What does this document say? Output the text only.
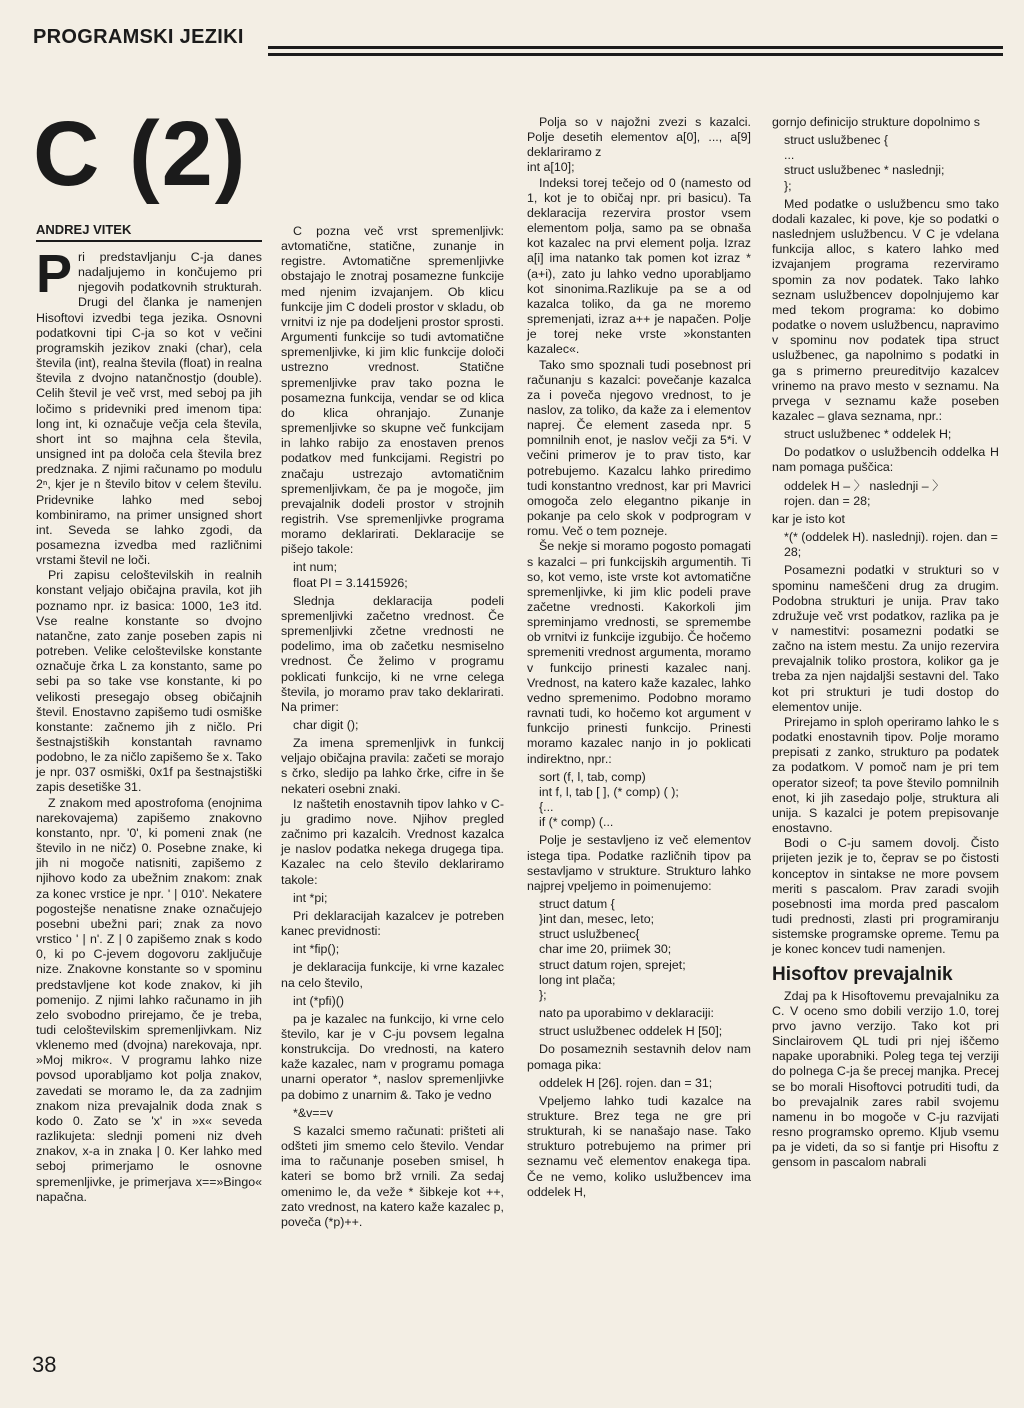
PROGRAMSKI JEZIKI
C (2)
ANDREJ VITEK

Pri predstavljanju C-ja danes nadaljujemo in končujemo pri njegovih podatkovnih strukturah. Drugi del članka je namenjen Hisoftovi izvedbi tega jezika. Osnovni podatkovni tipi C-ja so kot v večini programskih jezikov znaki (char), cela števila (int), realna števila (float) in realna števila z dvojno natančnostjo (double). Celih števil je več vrst, med seboj pa jih ločimo s pridevniki pred imenom tipa: long int, ki označuje večja cela števila, short int so majhna cela števila, unsigned int pa določa cela števila brez predznaka. Z njimi računamo po modulu 2ⁿ, kjer je n število bitov v celem številu. Pridevnike lahko med seboj kombiniramo, na primer unsigned short int. Seveda se lahko zgodi, da posamezna izvedba med različnimi vrstami števil ne loči.

Pri zapisu celoštevilskih in realnih konstant veljajo običajna pravila, kot jih poznamo npr. iz basica: 1000, 1e3 itd. Vse realne konstante so dvojno natančne, zato zanje poseben zapis ni potreben. Velike celoštevilske konstante označuje črka L za konstanto, same po sebi pa so take vse konstante, ki po velikosti presegajo obseg običajnih števil. Enostavno zapišemo tudi osmiške konstante: začnemo jih z ničlo. Pri šestnajstiških konstantah ravnamo podobno, le za ničlo zapišemo še x. Tako je npr. 037 osmiški, 0x1f pa šestnajstiški zapis desetiške 31.

Z znakom med apostrofoma (enojnima narekovajema) zapišemo znakovno konstanto, npr. '0', ki pomeni znak (ne število in ne ničz) 0. Posebne znake, ki jih ni mogoče natisniti, zapišemo z njihovo kodo za ubežnim znakom: znak za konec vrstice je npr. ' | 010'. Nekatere pogostejše nenatisne znake označujejo posebni ubežni pari; znak za novo vrstico ' | n'. Z | 0 zapišemo znak s kodo 0, ki po C-jevem dogovoru zaključuje nize. Znakovne konstante so v spominu predstavljene kot kode znakov, ki jih pomenijo. Z njimi lahko računamo in jih zelo svobodno prirejamo, če je treba, tudi celoštevilskim spremenljivkam. Niz vklenemo med (dvojna) narekovaja, npr. »Moj mikro«. V programu lahko nize povsod uporabljamo kot polja znakov, zavedati se moramo le, da za zadnjim znakom niza prevajalnik doda znak s kodo 0. Zato se 'x' in »x« seveda razlikujeta: slednji pomeni niz dveh znakov, x-a in znaka | 0. Ker lahko med seboj primerjamo le osnovne spremenljivke, je primerjava x==»Bingo« napačna.

C pozna več vrst spremenljivk: avtomatične, statične, zunanje in registre. Avtomatične spremenljivke obstajajo le znotraj posamezne funkcije med njenim izvajanjem. Ob klicu funkcije jim C dodeli prostor v skladu, ob vrnitvi iz nje pa dodeljeni prostor sprosti. Argumenti funkcije so tudi avtomatične spremenljivke, ki jim klic funkcije določi ustrezno vrednost. Statične spremenljivke prav tako pozna le posamezna funkcija, vendar se od klica do klica ohranjajo. Zunanje spremenljivke so skupne več funkcijam in lahko rabijo za enostaven prenos podatkov med funkcijami. Registri po značaju ustrezajo avtomatičnim spremenljivkam, če pa je mogoče, jim prevajalnik dodeli prostor v strojnih registrih. Vse spremenljivke programa moramo deklarirati. Deklaracije se pišejo takole:

int num;
float PI = 3.1415926;

Slednja deklaracija podeli spremenljivki začetno vrednost. Če spremenljivki zčetne vrednosti ne podelimo, ima ob začetku nesmiselno vrednost. Če želimo v programu poklicati funkcijo, ki ne vrne celega števila, jo moramo prav tako deklarirati. Na primer:

char digit ();

Za imena spremenljivk in funkcij veljajo običajna pravila: začeti se morajo s črko, sledijo pa lahko črke, cifre in še nekateri osebni znaki.

Iz naštetih enostavnih tipov lahko v C-ju gradimo nove. Njihov pregled začnimo pri kazalcih. Vrednost kazalca je naslov podatka nekega drugega tipa. Kazalec na celo število deklariramo takole:

int *pi;

Pri deklaracijah kazalcev je potreben kanec previdnosti:

int *fip();

je deklaracija funkcije, ki vrne kazalec na celo število,

int (*pfi)()

pa je kazalec na funkcijo, ki vrne celo število, kar je v C-ju povsem legalna konstrukcija. Do vrednosti, na katero kaže kazalec, nam v programu pomaga unarni operator *, naslov spremenljivke pa dobimo z unarnim &. Tako je vedno

*&v==v

S kazalci smemo računati: prišteti ali odšteti jim smemo celo število. Vendar ima to računanje poseben smisel, h kateri se bomo brž vrnili. Za sedaj omenimo le, da veže * šibkeje kot ++, zato vrednost, na katero kaže kazalec p, poveča (*p)++.

Polja so v najožni zvezi s kazalci. Polje desetih elementov a[0], ..., a[9] deklariramo z

int a[10];

Indeksi torej tečejo od 0 (namesto od 1, kot je to običaj npr. pri basicu). Ta deklaracija rezervira prostor vsem elementom polja, samo pa se obnaša kot kazalec na prvi element polja. Izraz a[i] ima natanko tak pomen kot izraz *(a+i), zato ju lahko vedno uporabljamo kot sinonima.Razlikuje pa se a od kazalca toliko, da ga ne moremo spremenjati, izraz a++ je napačen. Polje je torej neke vrste »konstanten kazalec«.

Tako smo spoznali tudi posebnost pri računanju s kazalci: povečanje kazalca za i poveča njegovo vrednost, to je naslov, za toliko, da kaže za i elementov naprej. Če element zaseda npr. 5 pomnilnih enot, je naslov večji za 5*i. V večini primerov je to prav tisto, kar potrebujemo. Kazalcu lahko priredimo tudi konstantno vrednost, kar pri Mavrici omogoča zelo elegantno pikanje in pokanje pa celo skok v podprogram v romu. Več o tem pozneje.

Še nekje si moramo pogosto pomagati s kazalci – pri funkcijskih argumentih. Ti so, kot vemo, iste vrste kot avtomatične spremenljivke, ki jim klic podeli prave začetne vrednosti. Kakorkoli jim spreminjamo vrednosti, se spremembe ob vrnitvi iz funkcije izgubijo. Če hočemo spremeniti vrednost argumenta, moramo v funkcijo prinesti kazalec nanj. Vrednost, na katero kaže kazalec, lahko vedno spremenimo. Podobno moramo ravnati tudi, ko hočemo kot argument v funkcijo prinesti funkcijo. Prinesti moramo kazalec nanjo in jo poklicati indirektno, npr.:

sort (f, l, tab, comp)
int f, l, tab [ ], (* comp) ( );
{...
if (* comp) (...

Polje je sestavljeno iz več elementov istega tipa. Podatke različnih tipov pa sestavljamo v strukture. Strukturo lahko najprej vpeljemo in poimenujemo:

struct datum {
}int dan, mesec, leto;
struct uslužbenec{
char ime 20, priimek 30;
struct datum rojen, sprejet;
long int plača;
};

nato pa uporabimo v deklaraciji:

struct uslužbenec oddelek H [50];

Do posameznih sestavnih delov nam pomaga pika:

oddelek H [26]. rojen. dan = 31;

Vpeljemo lahko tudi kazalce na strukture. Brez tega ne gre pri strukturah, ki se nanašajo nase. Tako strukturo potrebujemo na primer pri seznamu več elementov enakega tipa. Če ne vemo, koliko uslužbencev ima oddelek H,

gornjo definicijo strukture dopolnimo s

struct uslužbenec {
...
struct uslužbenec * naslednji;
};

Med podatke o uslužbencu smo tako dodali kazalec, ki pove, kje so podatki o naslednjem uslužbencu. V C je vdelana funkcija alloc, s katero lahko med izvajanjem programa rezerviramo spomin za nov podatek. Tako lahko seznam uslužbencev dopolnjujemo kar med tekom programa: ko dobimo podatke o novem uslužbencu, napravimo v spominu nov podatek tipa struct uslužbenec, ga napolnimo s podatki in ga s primerno preureditvijo kazalcev vrinemo na pravo mesto v seznamu. Na prvega v seznamu kaže poseben kazalec – glava seznama, npr.:

struct uslužbenec * oddelek H;

Do podatkov o uslužbencih oddelka H nam pomaga puščica:

oddelek H – 〉 naslednji – 〉
rojen. dan = 28;

kar je isto kot

*(* (oddelek H). naslednji). rojen. dan = 28;

Posamezni podatki v strukturi so v spominu nameščeni drug za drugim. Podobna strukturi je unija. Prav tako združuje več vrst podatkov, razlika pa je v namestitvi: posamezni podatki se začno na istem mestu. Za unijo rezervira prevajalnik toliko prostora, kolikor ga je treba za njen najdaljši sestavni del. Tako kot pri strukturi je tudi dostop do elementov unije.

Prirejamo in sploh operiramo lahko le s podatki enostavnih tipov. Polje moramo prepisati z zanko, strukturo pa podatek za podatkom. V pomoč nam je pri tem operator sizeof; ta pove število pomnilnih enot, ki jih zasedajo polje, struktura ali unija. S kazalci je potem prepisovanje enostavno.

Bodi o C-ju samem dovolj. Čisto prijeten jezik je to, čeprav se po čistosti konceptov in sintakse ne more povsem meriti s pascalom. Prav zaradi svojih posebnosti ima morda pred pascalom tudi prednosti, zlasti pri programiranju sistemske programske opreme. Temu pa je konec koncev tudi namenjen.

Hisoftov prevajalnik

Zdaj pa k Hisoftovemu prevajalniku za C. V oceno smo dobili verzijo 1.0, torej prvo javno verzijo. Tako kot pri Sinclairovem QL tudi pri njej iščemo napake uporabniki. Poleg tega tej verziji do polnega C-ja še precej manjka. Precej se bo morali Hisoftovci potruditi tudi, da bo prevajalnik zares rabil svojemu namenu in bo mogoče v C-ju razvijati resno programsko opremo. Kljub vsemu pa je videti, da so si fantje pri Hisoftu z gensom in pascalom nabrali

38
